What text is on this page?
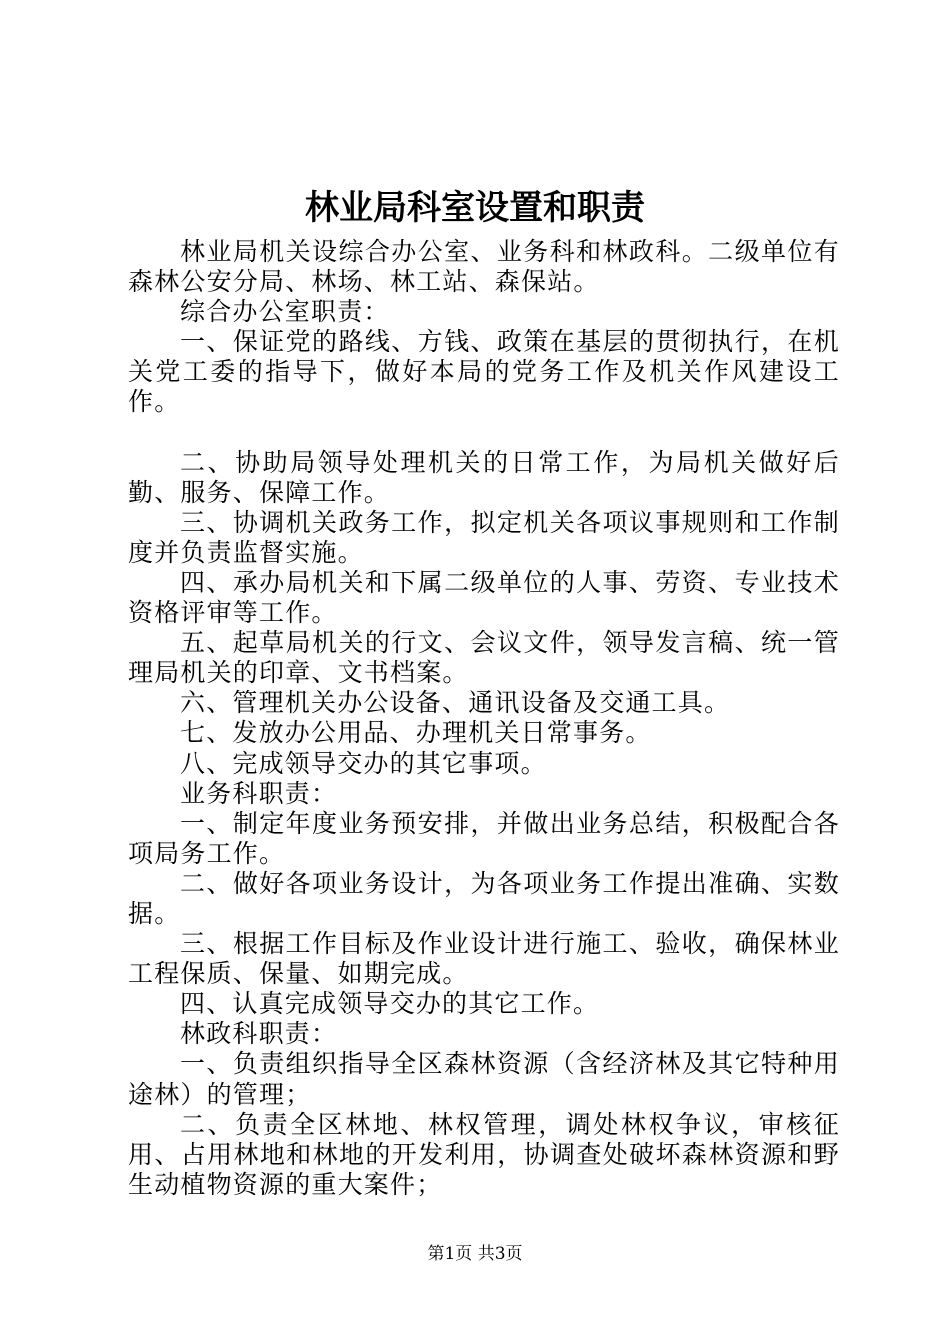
林业局科室设置和职责

林业局机关设综合办公室、业务科和林政科。二级单位有森林公安分局、林场、林工站、森保站。

综合办公室职责：

一、保证党的路线、方钱、政策在基层的贯彻执行，在机关党工委的指导下，做好本局的党务工作及机关作风建设工作。

二、协助局领导处理机关的日常工作，为局机关做好后勤、服务、保障工作。

三、协调机关政务工作，拟定机关各项议事规则和工作制度并负责监督实施。

四、承办局机关和下属二级单位的人事、劳资、专业技术资格评审等工作。

五、起草局机关的行文、会议文件，领导发言稿、统一管理局机关的印章、文书档案。

六、管理机关办公设备、通讯设备及交通工具。

七、发放办公用品、办理机关日常事务。

八、完成领导交办的其它事项。

业务科职责：

一、制定年度业务预安排，并做出业务总结，积极配合各项局务工作。

二、做好各项业务设计，为各项业务工作提出准确、实数据。

三、根据工作目标及作业设计进行施工、验收，确保林业工程保质、保量、如期完成。

四、认真完成领导交办的其它工作。

林政科职责：

一、负责组织指导全区森林资源（含经济林及其它特种用途林）的管理；

二、负责全区林地、林权管理，调处林权争议，审核征用、占用林地和林地的开发利用，协调查处破坏森林资源和野生动植物资源的重大案件；

第1页 共3页
